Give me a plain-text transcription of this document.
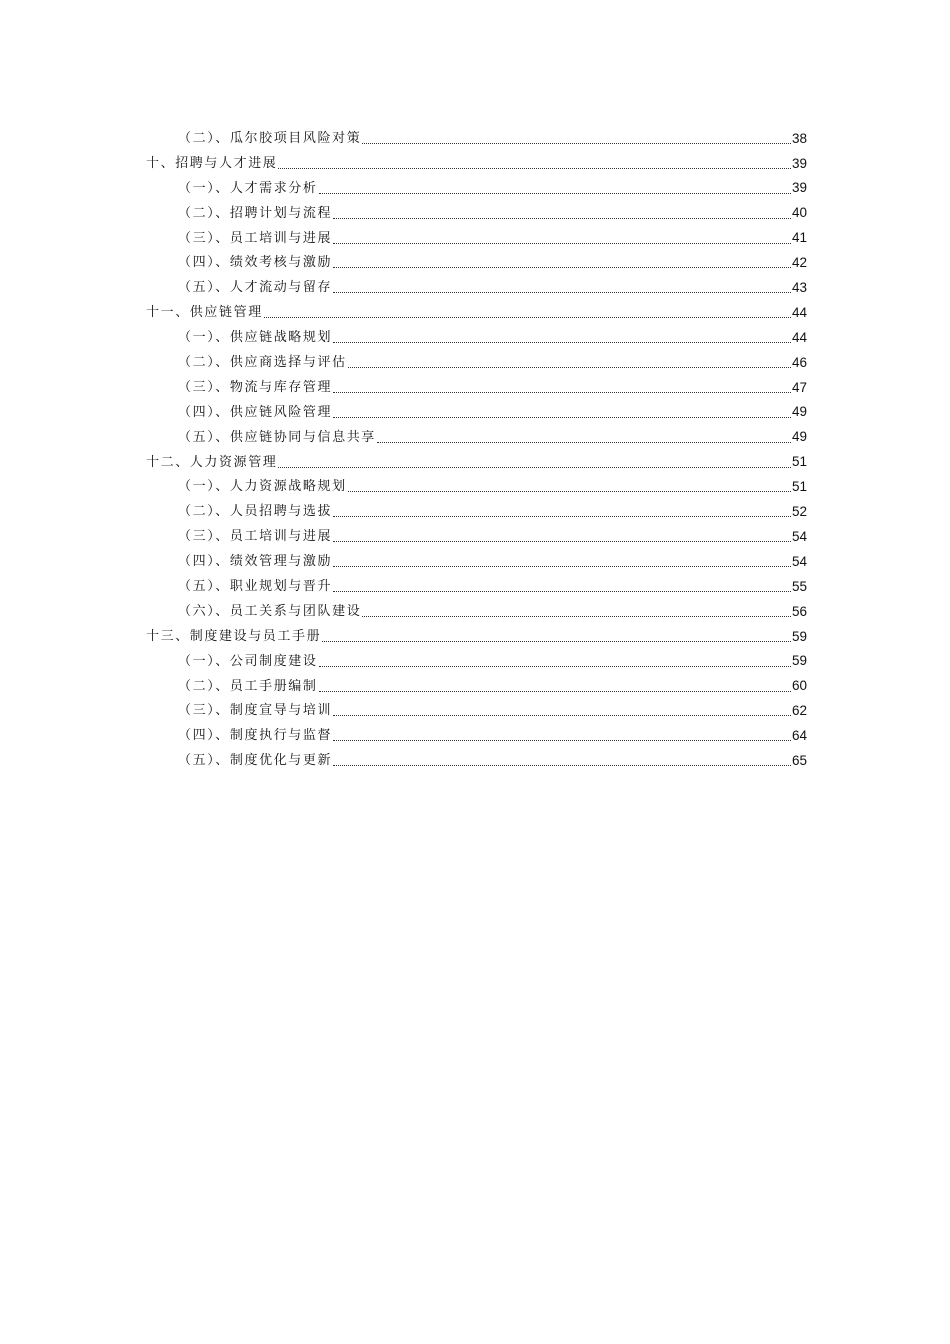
（二）、瓜尔胶项目风险对策	38
十、招聘与人才进展	39
（一）、人才需求分析	39
（二）、招聘计划与流程	40
（三）、员工培训与进展	41
（四）、绩效考核与激励	42
（五）、人才流动与留存	43
十一、供应链管理	44
（一）、供应链战略规划	44
（二）、供应商选择与评估	46
（三）、物流与库存管理	47
（四）、供应链风险管理	49
（五）、供应链协同与信息共享	49
十二、人力资源管理	51
（一）、人力资源战略规划	51
（二）、人员招聘与选拔	52
（三）、员工培训与进展	54
（四）、绩效管理与激励	54
（五）、职业规划与晋升	55
（六）、员工关系与团队建设	56
十三、制度建设与员工手册	59
（一）、公司制度建设	59
（二）、员工手册编制	60
（三）、制度宣导与培训	62
（四）、制度执行与监督	64
（五）、制度优化与更新	65
